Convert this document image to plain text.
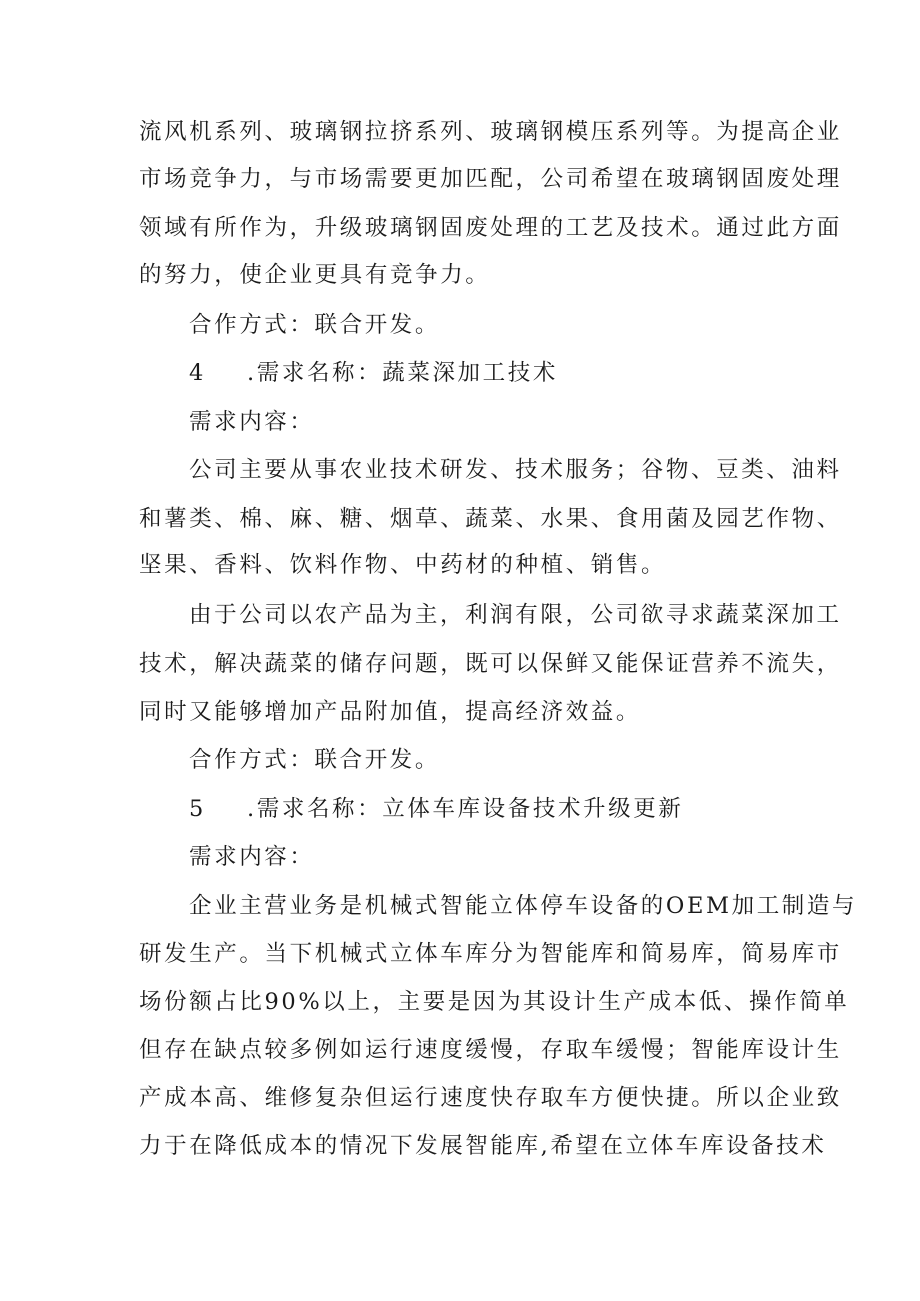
流风机系列、玻璃钢拉挤系列、玻璃钢模压系列等。为提高企业
市场竞争力，与市场需要更加匹配，公司希望在玻璃钢固废处理
领域有所作为，升级玻璃钢固废处理的工艺及技术。通过此方面
的努力，使企业更具有竞争力。
合作方式：联合开发。
4 .需求名称：蔬菜深加工技术
需求内容：
公司主要从事农业技术研发、技术服务；谷物、豆类、油料
和薯类、棉、麻、糖、烟草、蔬菜、水果、食用菌及园艺作物、
坚果、香料、饮料作物、中药材的种植、销售。
由于公司以农产品为主，利润有限，公司欲寻求蔬菜深加工
技术，解决蔬菜的储存问题，既可以保鲜又能保证营养不流失，
同时又能够增加产品附加值，提高经济效益。
合作方式：联合开发。
5 .需求名称：立体车库设备技术升级更新
需求内容：
企业主营业务是机械式智能立体停车设备的OEM加工制造与
研发生产。当下机械式立体车库分为智能库和简易库，简易库市
场份额占比90%以上，主要是因为其设计生产成本低、操作简单
但存在缺点较多例如运行速度缓慢，存取车缓慢；智能库设计生
产成本高、维修复杂但运行速度快存取车方便快捷。所以企业致
力于在降低成本的情况下发展智能库,希望在立体车库设备技术
